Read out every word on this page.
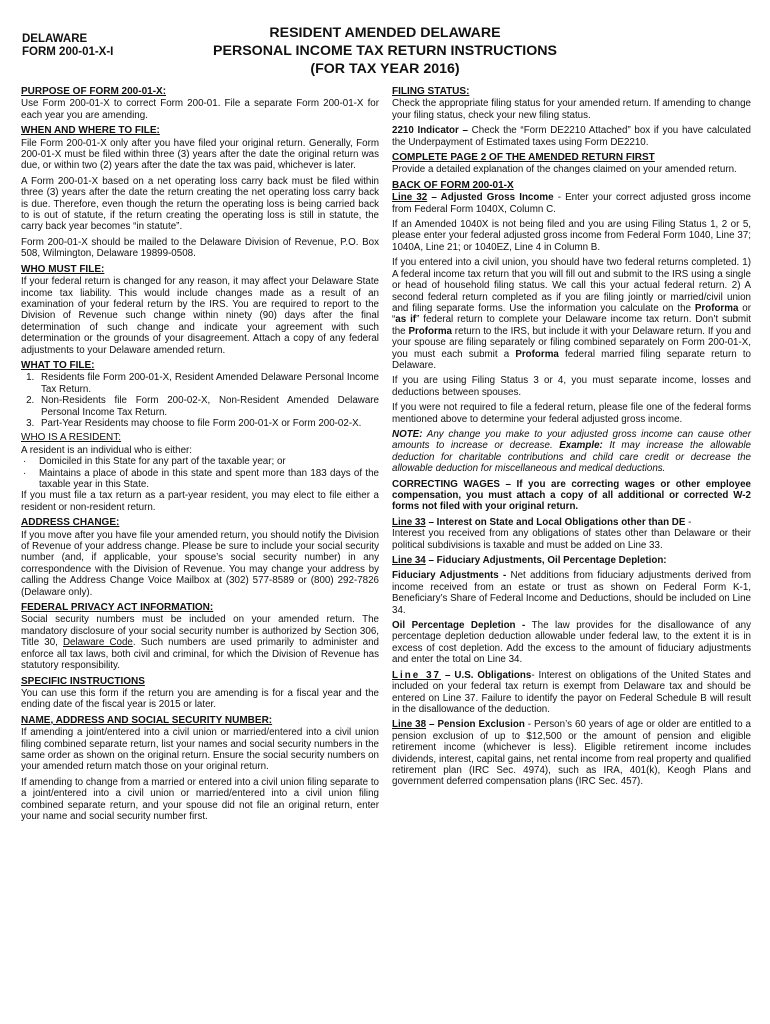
DELAWARE
FORM 200-01-X-I
RESIDENT AMENDED DELAWARE
PERSONAL INCOME TAX RETURN INSTRUCTIONS
(FOR TAX YEAR 2016)
PURPOSE OF FORM 200-01-X:

Use Form 200-01-X to correct Form 200-01. File a separate Form 200-01-X for each year you are amending.

WHEN AND WHERE TO FILE:

File Form 200-01-X only after you have filed your original return. Generally, Form 200-01-X must be filed within three (3) years after the date the original return was due, or within two (2) years after the date the tax was paid, whichever is later.

A Form 200-01-X based on a net operating loss carry back must be filed within three (3) years after the date the return creating the net operating loss carry back is due. Therefore, even though the return the operating loss is being carried back to is out of statute, if the return creating the operating loss is still in statute, the carry back year becomes “in statute”.

Form 200-01-X should be mailed to the Delaware Division of Revenue, P.O. Box 508, Wilmington, Delaware 19899-0508.

WHO MUST FILE:

If your federal return is changed for any reason, it may affect your Delaware State income tax liability. This would include changes made as a result of an examination of your federal return by the IRS. You are required to report to the Division of Revenue such change within ninety (90) days after the final determination of such change and indicate your agreement with such determination or the grounds of your disagreement. Attach a copy of any federal adjustments to your Delaware amended return.

WHAT TO FILE:
1. Residents file Form 200-01-X, Resident Amended Delaware Personal Income Tax Return.
2. Non-Residents file Form 200-02-X, Non-Resident Amended Delaware Personal Income Tax Return.
3. Part-Year Residents may choose to file Form 200-01-X or Form 200-02-X.
WHO IS A RESIDENT:
A resident is an individual who is either:
· Domiciled in this State for any part of the taxable year; or
· Maintains a place of abode in this state and spent more than 183 days of the taxable year in this State.

If you must file a tax return as a part-year resident, you may elect to file either a resident or non-resident return.

ADDRESS CHANGE:

If you move after you have file your amended return, you should notify the Division of Revenue of your address change. Please be sure to include your social security number (and, if applicable, your spouse’s social security number) in any correspondence with the Division of Revenue. You may change your address by calling the Address Change Voice Mailbox at (302) 577-8589 or (800) 292-7826 (Delaware only).

FEDERAL PRIVACY ACT INFORMATION:

Social security numbers must be included on your amended return. The mandatory disclosure of your social security number is authorized by Section 306, Title 30, Delaware Code. Such numbers are used primarily to administer and enforce all tax laws, both civil and criminal, for which the Division of Revenue has statutory responsibility.

SPECIFIC INSTRUCTIONS

You can use this form if the return you are amending is for a fiscal year and the ending date of the fiscal year is 2015 or later.

NAME, ADDRESS AND SOCIAL SECURITY NUMBER:

If amending a joint/entered into a civil union or married/entered into a civil union filing combined separate return, list your names and social security numbers in the same order as shown on the original return. Ensure the social security numbers on your amended return match those on your original return.

If amending to change from a married or entered into a civil union filing separate to a joint/entered into a civil union or married/entered into a civil union filing combined separate return, and your spouse did not file an original return, enter your name and social security number first.

FILING STATUS:

Check the appropriate filing status for your amended return. If amending to change your filing status, check your new filing status.

2210 Indicator – Check the “Form DE2210 Attached” box if you have calculated the Underpayment of Estimated taxes using Form DE2210.

COMPLETE PAGE 2 OF THE AMENDED RETURN FIRST

Provide a detailed explanation of the changes claimed on your amended return.

BACK OF FORM 200-01-X

Line 32 – Adjusted Gross Income - Enter your correct adjusted gross income from Federal Form 1040X, Column C.

If an Amended 1040X is not being filed and you are using Filing Status 1, 2 or 5, please enter your federal adjusted gross income from Federal Form 1040, Line 37; 1040A, Line 21; or 1040EZ, Line 4 in Column B.

If you entered into a civil union, you should have two federal returns completed. 1) A federal income tax return that you will fill out and submit to the IRS using a single or head of household filing status. We call this your actual federal return. 2) A second federal return completed as if you are filing jointly or married/civil union and filing separate forms. Use the information you calculate on the Proforma or “as if” federal return to complete your Delaware income tax return. Don’t submit the Proforma return to the IRS, but include it with your Delaware return. If you and your spouse are filing separately or filing combined separately on Form 200-01-X, you must each submit a Proforma federal married filing separate return to Delaware.

If you are using Filing Status 3 or 4, you must separate income, losses and deductions between spouses.

If you were not required to file a federal return, please file one of the federal forms mentioned above to determine your federal adjusted gross income.

NOTE: Any change you make to your adjusted gross income can cause other amounts to increase or decrease. Example: It may increase the allowable deduction for charitable contributions and child care credit or decrease the allowable deduction for miscellaneous and medical deductions.

CORRECTING WAGES – If you are correcting wages or other employee compensation, you must attach a copy of all additional or corrected W-2 forms not filed with your original return.

Line 33 – Interest on State and Local Obligations other than DE -
Interest you received from any obligations of states other than Delaware or their political subdivisions is taxable and must be added on Line 33.

Line 34 – Fiduciary Adjustments, Oil Percentage Depletion:

Fiduciary Adjustments - Net additions from fiduciary adjustments derived from income received from an estate or trust as shown on Federal Form K-1, Beneficiary’s Share of Federal Income and Deductions, should be included on Line 34.

Oil Percentage Depletion - The law provides for the disallowance of any percentage depletion deduction allowable under federal law, to the extent it is in excess of cost depletion. Add the excess to the amount of fiduciary adjustments and enter the total on Line 34.

Line 37 – U.S. Obligations- Interest on obligations of the United States and included on your federal tax return is exempt from Delaware tax and should be entered on Line 37. Failure to identify the payor on Federal Schedule B will result in the disallowance of the deduction.

Line 38 – Pension Exclusion - Person’s 60 years of age or older are entitled to a pension exclusion of up to $12,500 or the amount of pension and eligible retirement income (whichever is less). Eligible retirement income includes dividends, interest, capital gains, net rental income from real property and qualified retirement plan (IRC Sec. 4974), such as IRA, 401(k), Keogh Plans and government deferred compensation plans (IRC Sec. 457).
